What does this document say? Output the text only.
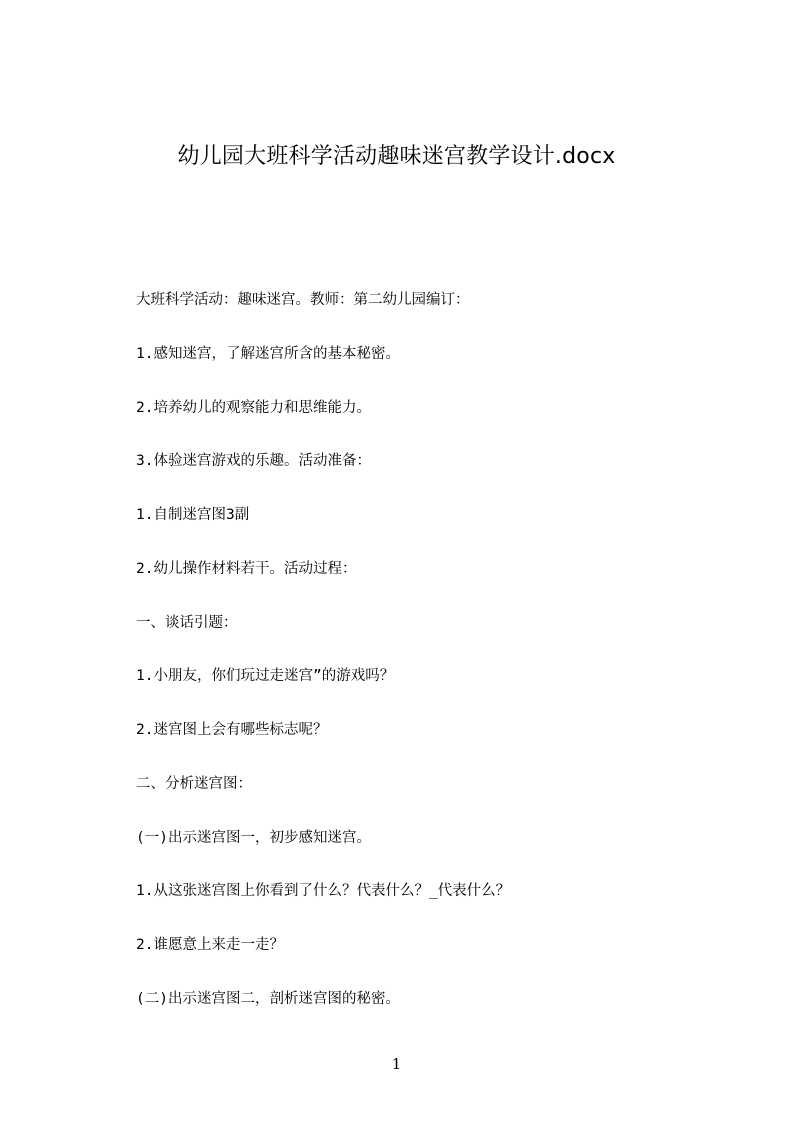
幼儿园大班科学活动趣味迷宫教学设计.docx
大班科学活动：趣味迷宫。教师：第二幼儿园编订：
1.感知迷宫，了解迷宫所含的基本秘密。
2.培养幼儿的观察能力和思维能力。
3.体验迷宫游戏的乐趣。活动准备：
1.自制迷宫图3副
2.幼儿操作材料若干。活动过程：
一、谈话引题：
1.小朋友，你们玩过走迷宫”的游戏吗？
2.迷宫图上会有哪些标志呢？
二、分析迷宫图：
(一)出示迷宫图一，初步感知迷宫。
1.从这张迷宫图上你看到了什么？代表什么？_代表什么？
2.谁愿意上来走一走？
(二)出示迷宫图二，剖析迷宫图的秘密。
1
